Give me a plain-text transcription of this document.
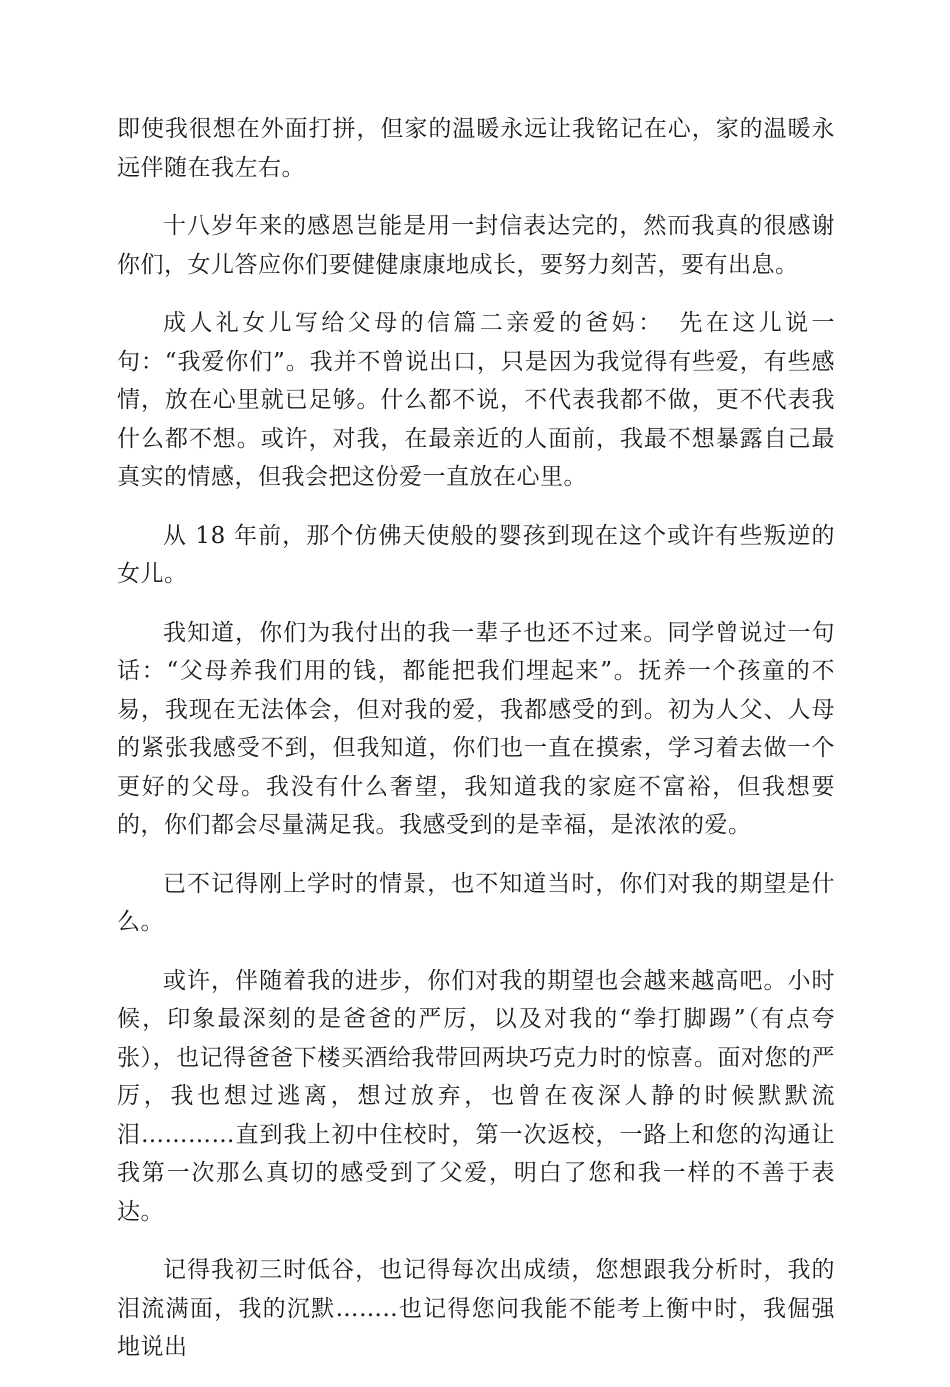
即使我很想在外面打拼，但家的温暖永远让我铭记在心，家的温暖永远伴随在我左右。

十八岁年来的感恩岂能是用一封信表达完的，然而我真的很感谢你们，女儿答应你们要健健康康地成长，要努力刻苦，要有出息。

成人礼女儿写给父母的信篇二亲爱的爸妈：　先在这儿说一句：“我爱你们”。我并不曾说出口，只是因为我觉得有些爱，有些感情，放在心里就已足够。什么都不说，不代表我都不做，更不代表我什么都不想。或许，对我，在最亲近的人面前，我最不想暴露自己最真实的情感，但我会把这份爱一直放在心里。

从 18 年前，那个仿佛天使般的婴孩到现在这个或许有些叛逆的女儿。

我知道，你们为我付出的我一辈子也还不过来。同学曾说过一句话：“父母养我们用的钱，都能把我们埋起来”。抚养一个孩童的不易，我现在无法体会，但对我的爱，我都感受的到。初为人父、人母的紧张我感受不到，但我知道，你们也一直在摸索，学习着去做一个更好的父母。我没有什么奢望，我知道我的家庭不富裕，但我想要的，你们都会尽量满足我。我感受到的是幸福，是浓浓的爱。

已不记得刚上学时的情景，也不知道当时，你们对我的期望是什么。

或许，伴随着我的进步，你们对我的期望也会越来越高吧。小时候，印象最深刻的是爸爸的严厉，以及对我的“拳打脚踢”（有点夸张），也记得爸爸下楼买酒给我带回两块巧克力时的惊喜。面对您的严厉，我也想过逃离，想过放弃，也曾在夜深人静的时候默默流泪…………直到我上初中住校时，第一次返校，一路上和您的沟通让我第一次那么真切的感受到了父爱，明白了您和我一样的不善于表达。

记得我初三时低谷，也记得每次出成绩，您想跟我分析时，我的泪流满面，我的沉默……..也记得您问我能不能考上衡中时，我倔强地说出
